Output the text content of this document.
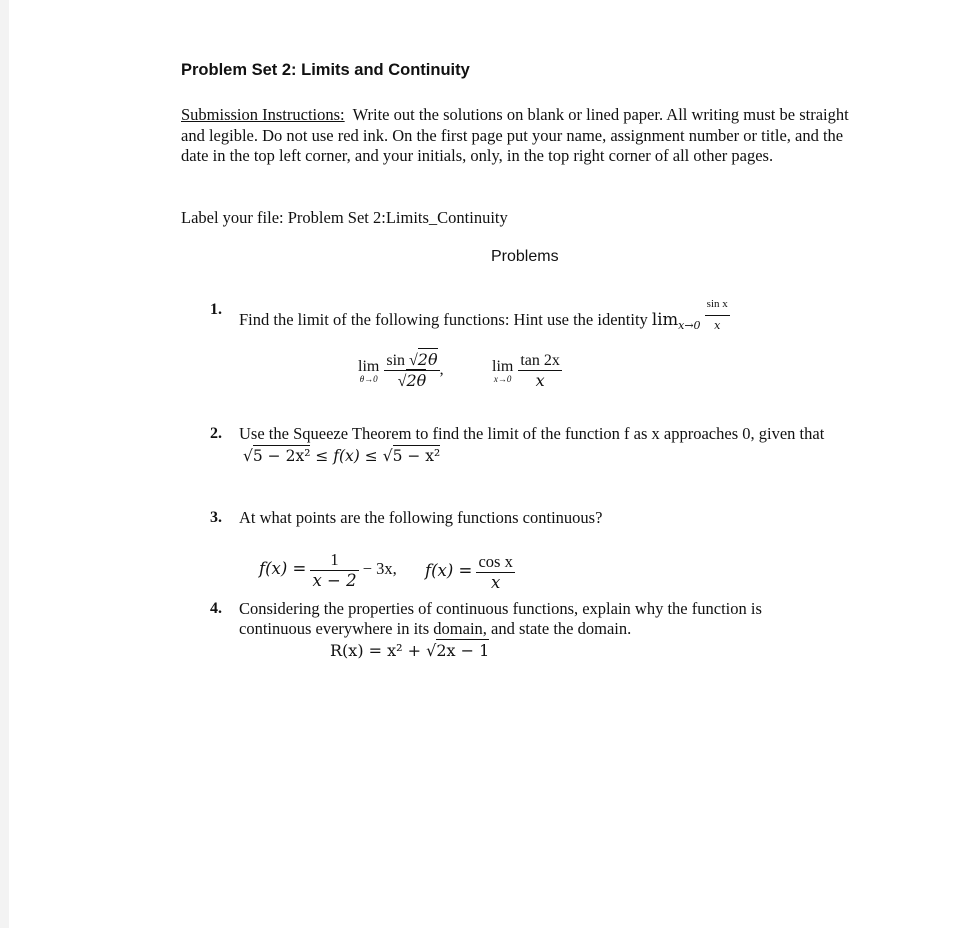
Problem Set 2: Limits and Continuity
Submission Instructions: Write out the solutions on blank or lined paper. All writing must be straight and legible. Do not use red ink. On the first page put your name, assignment number or title, and the date in the top left corner, and your initials, only, in the top right corner of all other pages.
Label your file: Problem Set 2:Limits_Continuity
Problems
1.
Find the limit of the following functions: Hint use the identity $\lim_{x\to 0} \frac{\text{sin x}}{x}$
lim
θ→0
$\frac{\sin √2\theta}{√2\theta}$ ,	lim
x→0
$\frac{\tan 2x}{x}$
2. Use the Squeeze Theorem to find the limit of the function f as x approaches 0, given that
√5 − 2x² ≤ f(x) ≤ √5 − x²
3. At what points are the following functions continuous?
$f(x) = \frac{1}{x - 2} - 3x$, $f(x) = \frac{\text{cos x}}{x}$
4. Considering the properties of continuous functions, explain why the function is
continuous everywhere in its domain, and state the domain.
R(x) = x² + √2x − 1
